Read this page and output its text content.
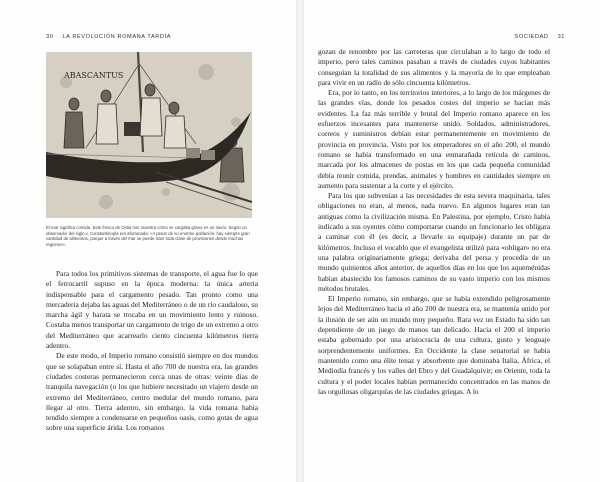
30 LA REVOLUCIÓN ROMANA TARDÍA
ABASCANTUS
El mar significa comida. Este fresco de Ostia nos muestra cómo se cargaba grano en un navío. Según un observador del siglo v, Constantinopla era afortunada: «A pesar de su enorme población, hay siempre gran cantidad de alimentos, porque a través del mar se puede traer toda clase de provisiones desde muchas regiones».

Para todos los primitivos sistemas de transporte, el agua fue lo que el ferrocarril supuso en la época moderna: la única arteria indispensable para el cargamento pesado. Tan pronto como una mercadería dejaba las aguas del Mediterráneo o de un río caudaloso, su marcha ágil y barata se trocaba en un movimiento lento y ruinoso. Costaba menos transportar un cargamento de trigo de un extremo a otro del Mediterráneo que acarrearlo ciento cincuenta kilómetros tierra adentro.

De este modo, el Imperio romano consistió siempre en dos mundos que se solapaban entre sí. Hasta el año 700 de nuestra era, las grandes ciudades costeras permanecieron cerca unas de otras: veinte días de tranquila navegación (o los que hubiere necesitado un viajero desde un extremo del Mediterráneo, centro medular del mundo romano, para llegar al otro. Tierra adentro, sin embargo, la vida romana había tendido siempre a condensarse en pequeños oasis, como gotas de agua sobre una superficie árida. Los romanos

SOCIEDAD 31

gozan de renombre por las carreteras que circulaban a lo largo de todo el imperio, pero tales caminos pasaban a través de ciudades cuyos habitantes conseguían la totalidad de sus alimentos y la mayoría de lo que empleaban para vivir en un radio de sólo cincuenta kilómetros.

Era, por lo tanto, en los territorios interiores, a lo largo de los márgenes de las grandes vías, donde los pesados costes del imperio se hacían más evidentes. La faz más terrible y brutal del Imperio romano aparece en los esfuerzos incesantes para mantenerse unido. Soldados, administradores, correos y suministros debían estar permanentemente en movimiento de provincia en provincia. Visto por los emperadores en el año 200, el mundo romano se había transformado en una enmarañada retícula de caminos, marcada por los almacenes de postas en los que cada pequeña comunidad debía reunir comida, prendas, animales y hombres en cantidades siempre en aumento para sustentar a la corte y el ejército.

Para los que subvenían a las necesidades de esta severa maquinaria, tales obligaciones no eran, al menos, nada nuevo. En algunos lugares eran tan antiguas como la civilización misma. En Palestina, por ejemplo, Cristo había indicado a sus oyentes cómo comportarse cuando un funcionario les obligara a caminar con él (es decir, a llevarle su equipaje) durante un par de kilómetros. Incluso el vocablo que el evangelista utilizó para «obligar» no era una palabra originariamente griega; derivaba del persa y procedía de un mundo quinientos años anterior, de aquellos días en los que los aqueménidas habían abastecido los famosos caminos de su vasto imperio con los mismos métodos brutales.

El Imperio romano, sin embargo, que se había extendido peligrosamente lejos del Mediterráneo hacia el año 200 de nuestra era, se mantenía unido por la ilusión de ser aún un mundo muy pequeño. Rara vez un Estado ha sido tan dependiente de un juego de manos tan delicado. Hacia el 200 el imperio estaba gobernado por una aristocracia de una cultura, gusto y lenguaje sorprendentemente uniformes. En Occidente la clase senatorial se había mantenido como una élite tenaz y absorbente que dominaba Italia, África, el Mediodía francés y los valles del Ebro y del Guadalquivir; en Oriente, toda la cultura y el poder locales habían permanecido concentrados en las manos de las orgullosas oligarquías de las ciudades griegas. A lo
